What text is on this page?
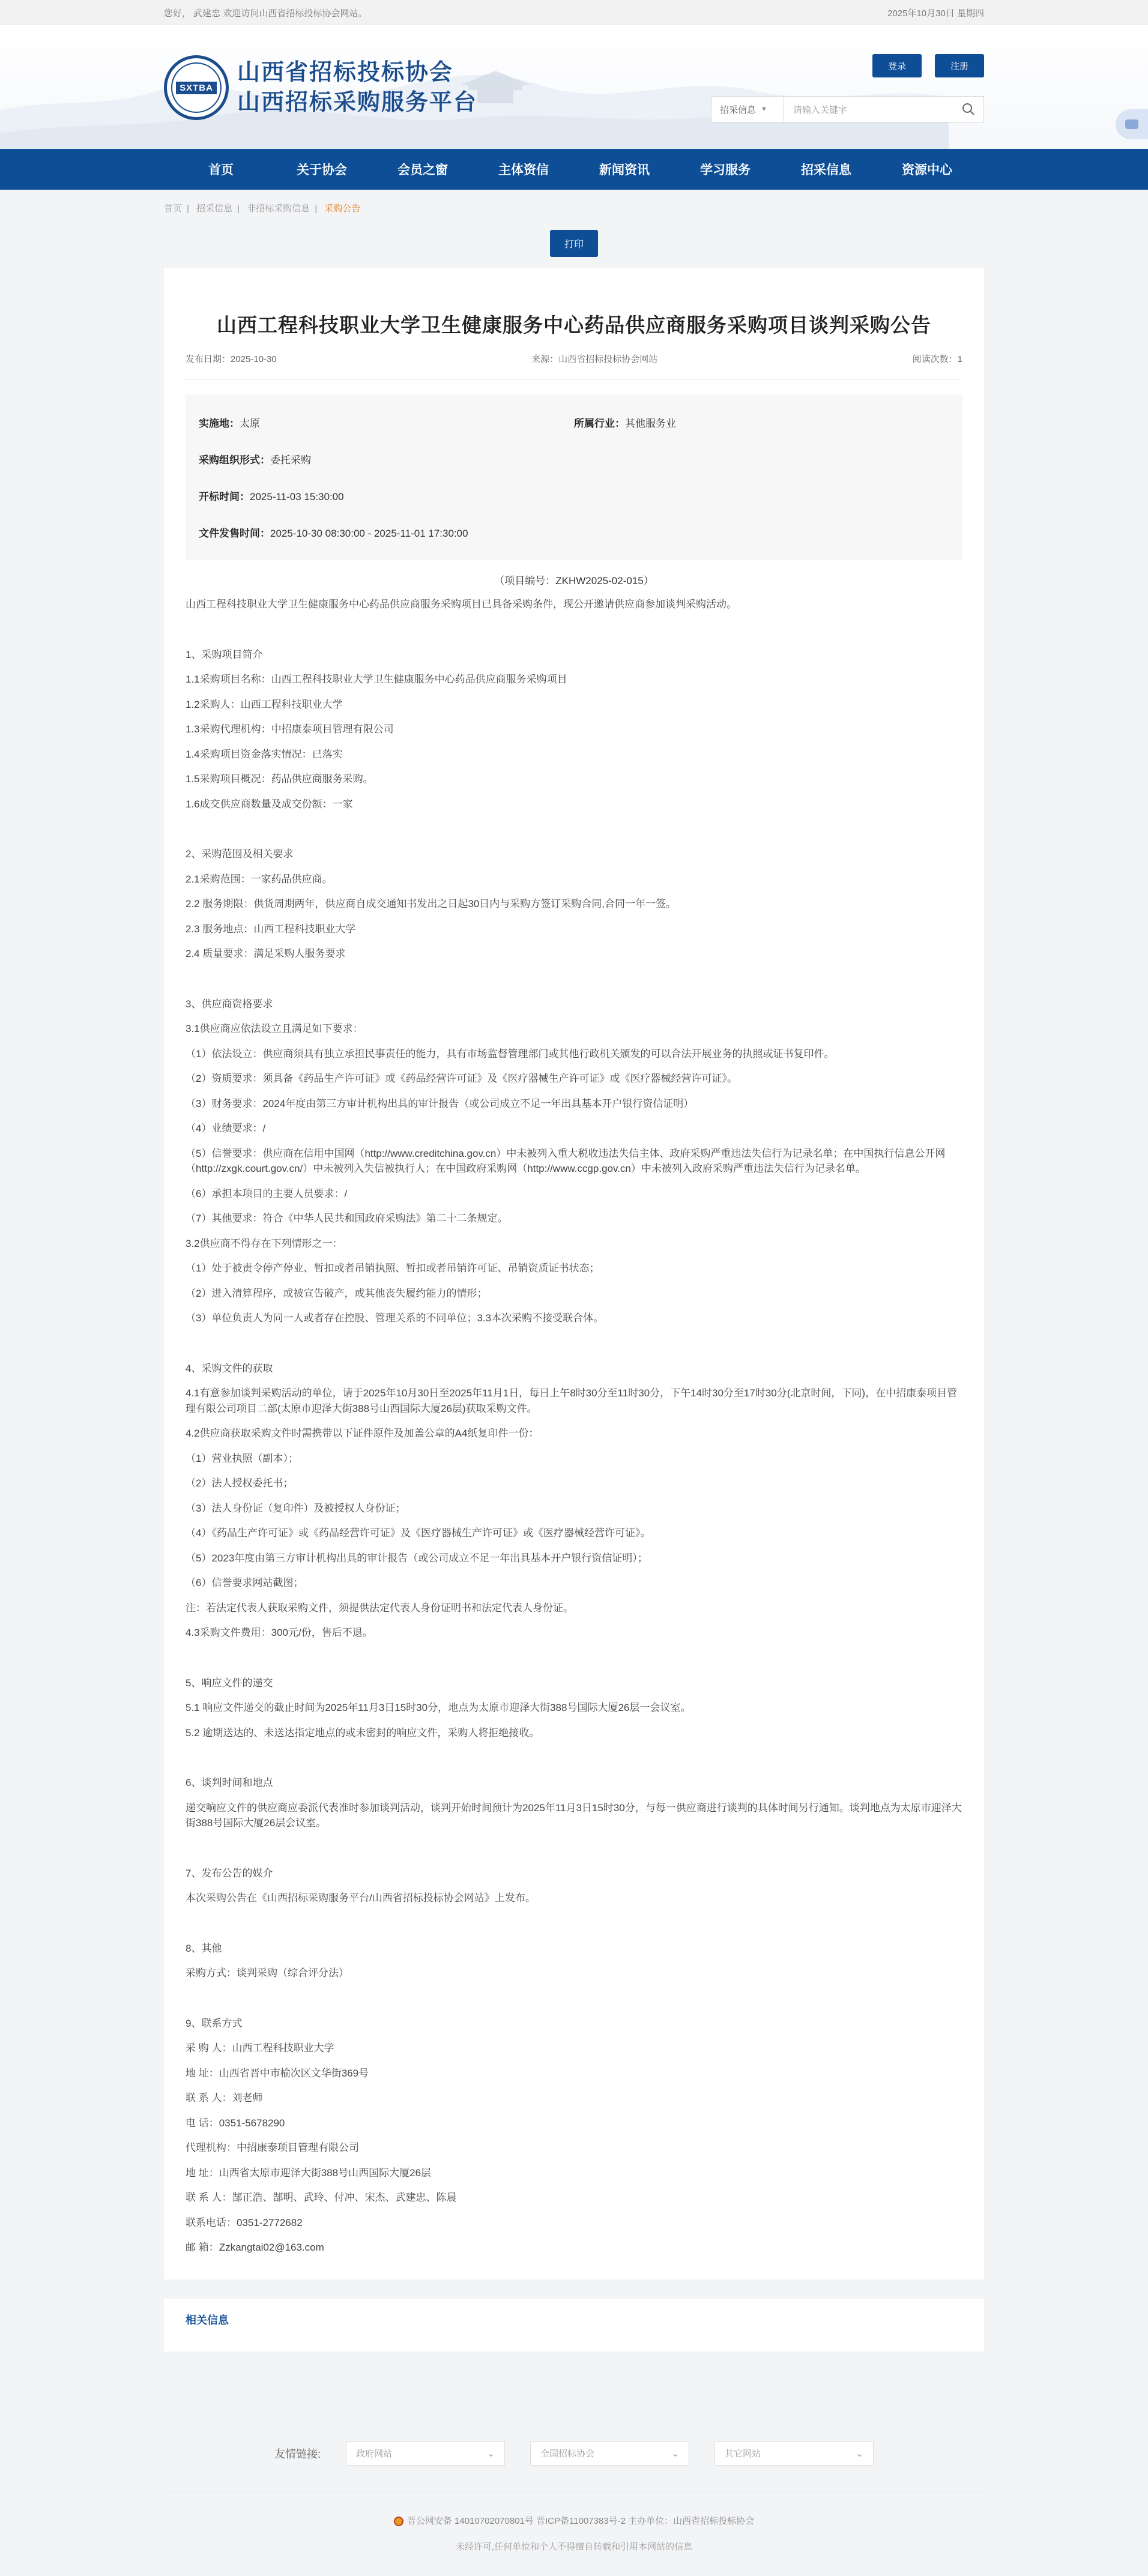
您好， 武建忠 欢迎访问山西省招标投标协会网站。	2025年10月30日 星期四
SXTBA
山西省招标投标协会
山西招标采购服务平台
登录	注册
招采信息 ▼	请输入关键字
首页	关于协会	会员之窗	主体资信	新闻资讯	学习服务	招采信息	资源中心
首页 | 招采信息 | 非招标采购信息 | 采购公告
打印
山西工程科技职业大学卫生健康服务中心药品供应商服务采购项目谈判采购公告
发布日期：2025-10-30	来源：山西省招标投标协会网站	阅读次数：1
实施地：太原	所属行业：其他服务业
采购组织形式：委托采购
开标时间：2025-11-03 15:30:00
文件发售时间：2025-10-30 08:30:00 - 2025-11-01 17:30:00
（项目编号：ZKHW2025-02-015）

山西工程科技职业大学卫生健康服务中心药品供应商服务采购项目已具备采购条件，现公开邀请供应商参加谈判采购活动。

1、采购项目简介

1.1采购项目名称：山西工程科技职业大学卫生健康服务中心药品供应商服务采购项目

1.2采购人：山西工程科技职业大学

1.3采购代理机构：中招康泰项目管理有限公司

1.4采购项目资金落实情况：已落实

1.5采购项目概况：药品供应商服务采购。

1.6成交供应商数量及成交份额：一家

2、采购范围及相关要求

2.1采购范围：一家药品供应商。

2.2 服务期限：供货周期两年，供应商自成交通知书发出之日起30日内与采购方签订采购合同,合同一年一签。

2.3 服务地点：山西工程科技职业大学

2.4 质量要求：满足采购人服务要求

3、供应商资格要求

3.1供应商应依法设立且满足如下要求：

（1）依法设立：供应商须具有独立承担民事责任的能力，具有市场监督管理部门或其他行政机关颁发的可以合法开展业务的执照或证书复印件。

（2）资质要求：须具备《药品生产许可证》或《药品经营许可证》及《医疗器械生产许可证》或《医疗器械经营许可证》。

（3）财务要求：2024年度由第三方审计机构出具的审计报告（或公司成立不足一年出具基本开户银行资信证明）

（4）业绩要求：/

（5）信誉要求：供应商在信用中国网（http://www.creditchina.gov.cn）中未被列入重大税收违法失信主体、政府采购严重违法失信行为记录名单；在中国执行信息公开网（http://zxgk.court.gov.cn/）中未被列入失信被执行人；在中国政府采购网（http://www.ccgp.gov.cn）中未被列入政府采购严重违法失信行为记录名单。

（6）承担本项目的主要人员要求：/

（7）其他要求：符合《中华人民共和国政府采购法》第二十二条规定。

3.2供应商不得存在下列情形之一：

（1）处于被责令停产停业、暂扣或者吊销执照、暂扣或者吊销许可证、吊销资质证书状态；

（2）进入清算程序，或被宣告破产，或其他丧失履约能力的情形；

（3）单位负责人为同一人或者存在控股、管理关系的不同单位；3.3本次采购不接受联合体。

4、采购文件的获取

4.1有意参加谈判采购活动的单位，请于2025年10月30日至2025年11月1日，每日上午8时30分至11时30分，下午14时30分至17时30分(北京时间，下同)，在中招康泰项目管理有限公司项目二部(太原市迎泽大街388号山西国际大厦26层)获取采购文件。

4.2供应商获取采购文件时需携带以下证件原件及加盖公章的A4纸复印件一份：

（1）营业执照（副本）；

（2）法人授权委托书；

（3）法人身份证（复印件）及被授权人身份证；

（4）《药品生产许可证》或《药品经营许可证》及《医疗器械生产许可证》或《医疗器械经营许可证》。

（5）2023年度由第三方审计机构出具的审计报告（或公司成立不足一年出具基本开户银行资信证明）；

（6）信誉要求网站截图；

注：若法定代表人获取采购文件，须提供法定代表人身份证明书和法定代表人身份证。

4.3采购文件费用：300元/份，售后不退。

5、响应文件的递交

5.1 响应文件递交的截止时间为2025年11月3日15时30分，地点为太原市迎泽大街388号国际大厦26层一会议室。

5.2 逾期送达的、未送达指定地点的或未密封的响应文件，采购人将拒绝接收。

6、谈判时间和地点

递交响应文件的供应商应委派代表准时参加谈判活动，谈判开始时间预计为2025年11月3日15时30分，与每一供应商进行谈判的具体时间另行通知。谈判地点为太原市迎泽大街388号国际大厦26层会议室。

7、发布公告的媒介

本次采购公告在《山西招标采购服务平台/山西省招标投标协会网站》上发布。

8、其他

采购方式：谈判采购（综合评分法）

9、联系方式

采 购 人：山西工程科技职业大学

地 址：山西省晋中市榆次区文华街369号

联 系 人：刘老师

电 话：0351-5678290

代理机构：中招康泰项目管理有限公司

地 址：山西省太原市迎泽大街388号山西国际大厦26层

联 系 人：郜正浩、郜明、武玲、付冲、宋杰、武建忠、陈晨

联系电话：0351-2772682

邮 箱：Zzkangtai02@163.com

相关信息
友情链接:	政府网站	⌄	全国招标协会	⌄	其它网站	⌄
晋公网安备 14010702070801号 晋ICP备11007383号-2 主办单位：山西省招标投标协会
未经许可,任何单位和个人不得擅自转载和引用本网站的信息
